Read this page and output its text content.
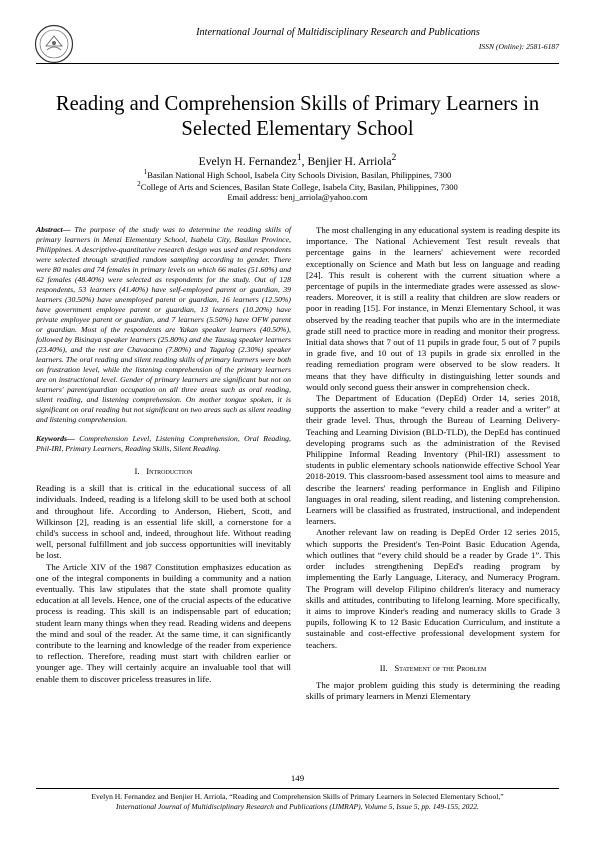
International Journal of Multidisciplinary Research and Publications
ISSN (Online): 2581-6187
Reading and Comprehension Skills of Primary Learners in Selected Elementary School
Evelyn H. Fernandez$^1$, Benjier H. Arriola$^2$
$^1$Basilan National High School, Isabela City Schools Division, Basilan, Philippines, 7300
$^2$College of Arts and Sciences, Basilan State College, Isabela City, Basilan, Philippines, 7300
Email address: benj_arriola@yahoo.com

Abstract— The purpose of the study was to determine the reading skills of primary learners in Menzi Elementary School, Isabela City, Basilan Province, Philippines. A descriptive-quantitative research design was used and respondents were selected through stratified random sampling according to gender. There were 80 males and 74 females in primary levels on which 66 males (51.60%) and 62 females (48.40%) were selected as respondents for the study. Out of 128 respondents, 53 learners (41.40%) have self-employed parent or guardian, 39 learners (30.50%) have unemployed parent or guardian, 16 learners (12.50%) have government employee parent or guardian, 13 learners (10.20%) have private employee parent or guardian, and 7 learners (5.50%) have OFW parent or guardian. Most of the respondents are Yakan speaker learners (40.50%), followed by Bisinaya speaker learners (25.80%) and the Tausug speaker learners (23.40%), and the rest are Chavacano (7.80%) and Tagalog (2.30%) speaker learners. The oral reading and silent reading skills of primary learners were both on frustration level, while the listening comprehension of the primary learners are on instructional level. Gender of primary learners are significant but not on learners' parent/guardian occupation on all three areas such as oral reading, silent reading, and listening comprehension. On mother tongue spoken, it is significant on oral reading but not significant on two areas such as silent reading and listening comprehension.

Keywords— Comprehension Level, Listening Comprehension, Oral Reading, Phil-IRI, Primary Learners, Reading Skills, Silent Reading.

I. Introduction

Reading is a skill that is critical in the educational success of all individuals. Indeed, reading is a lifelong skill to be used both at school and throughout life. According to Anderson, Hiebert, Scott, and Wilkinson [2], reading is an essential life skill, a cornerstone for a child's success in school and, indeed, throughout life. Without reading well, personal fulfillment and job success opportunities will inevitably be lost.

The Article XIV of the 1987 Constitution emphasizes education as one of the integral components in building a community and a nation eventually. This law stipulates that the state shall promote quality education at all levels. Hence, one of the crucial aspects of the educative process is reading. This skill is an indispensable part of education; student learn many things when they read. Reading widens and deepens the mind and soul of the reader. At the same time, it can significantly contribute to the learning and knowledge of the reader from experience to reflection. Therefore, reading must start with children earlier or younger age. They will certainly acquire an invaluable tool that will enable them to discover priceless treasures in life.

The most challenging in any educational system is reading despite its importance. The National Achievement Test result reveals that percentage gains in the learners' achievement were recorded exceptionally on Science and Math but less on language and reading [24]. This result is coherent with the current situation where a percentage of pupils in the intermediate grades were assessed as slow-readers. Moreover, it is still a reality that children are slow readers or poor in reading [15]. For instance, in Menzi Elementary School, it was observed by the reading teacher that pupils who are in the intermediate grade still need to practice more in reading and monitor their progress. Initial data shows that 7 out of 11 pupils in grade four, 5 out of 7 pupils in grade five, and 10 out of 13 pupils in grade six enrolled in the reading remediation program were observed to be slow readers. It means that they have difficulty in distinguishing letter sounds and would only second guess their answer in comprehension check.

The Department of Education (DepEd) Order 14, series 2018, supports the assertion to make “every child a reader and a writer” at their grade level. Thus, through the Bureau of Learning Delivery-Teaching and Learning Division (BLD-TLD), the DepEd has continued developing programs such as the administration of the Revised Philippine Informal Reading Inventory (Phil-IRI) assessment to students in public elementary schools nationwide effective School Year 2018-2019. This classroom-based assessment tool aims to measure and describe the learners' reading performance in English and Filipino languages in oral reading, silent reading, and listening comprehension. Learners will be classified as frustrated, instructional, and independent learners.

Another relevant law on reading is DepEd Order 12 series 2015, which supports the President's Ten-Point Basic Education Agenda, which outlines that “every child should be a reader by Grade 1”. This order includes strengthening DepEd's reading program by implementing the Early Language, Literacy, and Numeracy Program. The Program will develop Filipino children's literacy and numeracy skills and attitudes, contributing to lifelong learning. More specifically, it aims to improve Kinder's reading and numeracy skills to Grade 3 pupils, following K to 12 Basic Education Curriculum, and institute a sustainable and cost-effective professional development system for teachers.

II. Statement of the Problem

The major problem guiding this study is determining the reading skills of primary learners in Menzi Elementary

149
Evelyn H. Fernandez and Benjier H. Arriola, “Reading and Comprehension Skills of Primary Learners in Selected Elementary School,”
International Journal of Multidisciplinary Research and Publications (IJMRAP), Volume 5, Issue 5, pp. 149-155, 2022.
